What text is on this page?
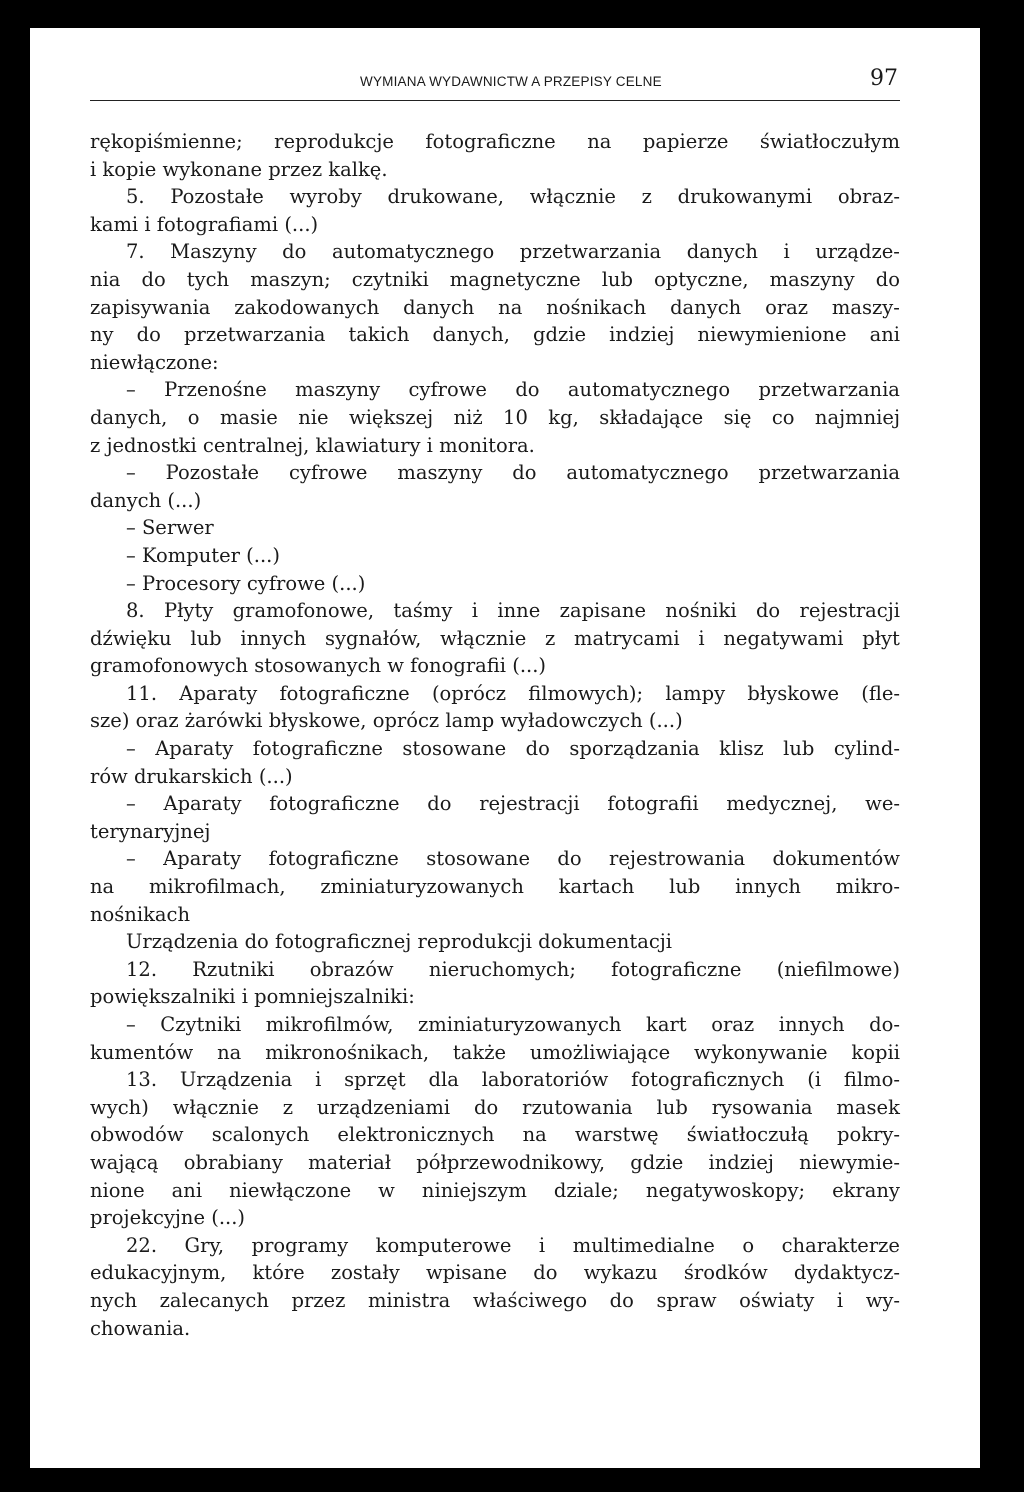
WYMIANA WYDAWNICTW A PRZEPISY CELNE	97
rękopiśmienne; reprodukcje fotograficzne na papierze światłoczułym
i kopie wykonane przez kalkę.
5. Pozostałe wyroby drukowane, włącznie z drukowanymi obraz-
kami i fotografiami (...)
7. Maszyny do automatycznego przetwarzania danych i urządze-
nia do tych maszyn; czytniki magnetyczne lub optyczne, maszyny do
zapisywania zakodowanych danych na nośnikach danych oraz maszy-
ny do przetwarzania takich danych, gdzie indziej niewymienione ani
niewłączone:
– Przenośne maszyny cyfrowe do automatycznego przetwarzania
danych, o masie nie większej niż 10 kg, składające się co najmniej
z jednostki centralnej, klawiatury i monitora.
– Pozostałe cyfrowe maszyny do automatycznego przetwarzania
danych (...)
– Serwer
– Komputer (...)
– Procesory cyfrowe (...)
8. Płyty gramofonowe, taśmy i inne zapisane nośniki do rejestracji
dźwięku lub innych sygnałów, włącznie z matrycami i negatywami płyt
gramofonowych stosowanych w fonografii (...)
11. Aparaty fotograficzne (oprócz filmowych); lampy błyskowe (fle-
sze) oraz żarówki błyskowe, oprócz lamp wyładowczych (...)
– Aparaty fotograficzne stosowane do sporządzania klisz lub cylind-
rów drukarskich (...)
– Aparaty fotograficzne do rejestracji fotografii medycznej, we-
terynaryjnej
– Aparaty fotograficzne stosowane do rejestrowania dokumentów
na mikrofilmach, zminiaturyzowanych kartach lub innych mikro-
nośnikach
Urządzenia do fotograficznej reprodukcji dokumentacji
12. Rzutniki obrazów nieruchomych; fotograficzne (niefilmowe)
powiększalniki i pomniejszalniki:
– Czytniki mikrofilmów, zminiaturyzowanych kart oraz innych do-
kumentów na mikronośnikach, także umożliwiające wykonywanie kopii
13. Urządzenia i sprzęt dla laboratoriów fotograficznych (i filmo-
wych) włącznie z urządzeniami do rzutowania lub rysowania masek
obwodów scalonych elektronicznych na warstwę światłoczułą pokry-
wającą obrabiany materiał półprzewodnikowy, gdzie indziej niewymie-
nione ani niewłączone w niniejszym dziale; negatywoskopy; ekrany
projekcyjne (...)
22. Gry, programy komputerowe i multimedialne o charakterze
edukacyjnym, które zostały wpisane do wykazu środków dydaktycz-
nych zalecanych przez ministra właściwego do spraw oświaty i wy-
chowania.
